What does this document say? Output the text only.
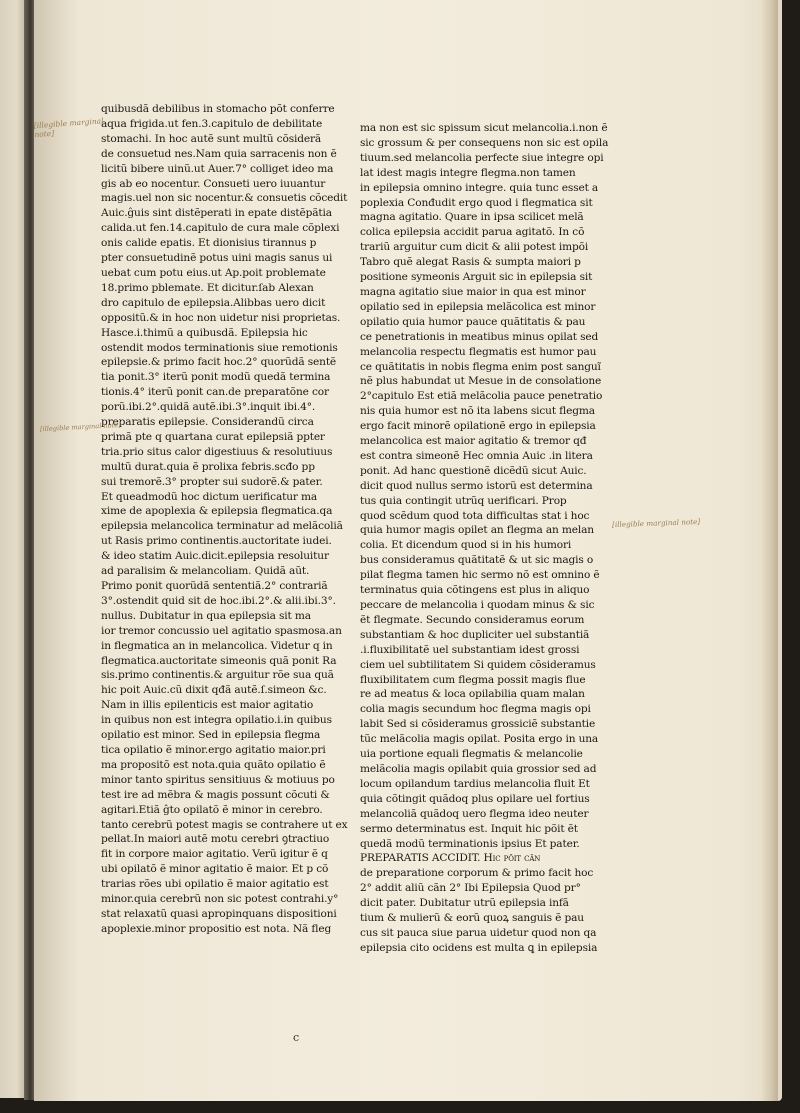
quibusdã debilibus in stomacho põt conferre
aqua frigida.ut fen.3.capitulo de debilitate
stomachi. In hoc autẽ sunt multũ cõsiderã
de consuetud nes.Nam quia sarracenis non ẽ
licitũ bibere uinũ.ut Auer.7° colliget ideo ma
gis ab eo nocentur. Consueti uero iuuantur
magis.uel non sic nocentur.& consuetis cõcedit
Auic.ĝuis sint distẽperati in epate distẽpãtia
calida.ut fen.14.capitulo de cura male cõplexi
onis calide epatis. Et dionisius tirannus p
pter consuetudinẽ potus uini magis sanus ui
uebat cum potu eius.ut Ap.poit problemate
18.primo pblemate. Et dicitur.ſab Alexan
dro capitulo de epilepsia.Alibbas uero dicit
oppositũ.& in hoc non uidetur nisi proprietas.
Hasce.i.thimũ a quibusdã. Epilepsia hic
ostendit modos terminationis siue remotionis
epilepsie.& primo facit hoc.2° quorũdã sentẽ
tia ponit.3° iterũ ponit modũ quedã termina
tionis.4° iterũ ponit can.de preparatõne cor
porũ.ibi.2°.quidã autẽ.ibi.3°.inquit ibi.4°.
preparatis epilepsie. Considerandũ circa
primã pte q quartana curat epilepsiã ppter
tria.prio situs calor digestiuus & resolutiuus
multũ durat.quia ẽ prolixa febris.scđo pp
sui tremorẽ.3° propter sui sudorẽ.& pater.
Et queadmodũ hoc dictum uerificatur ma
xime de apoplexia & epilepsia flegmatica.qa
epilepsia melancolica terminatur ad melãcoliã
ut Rasis primo continentis.auctoritate iudei.
& ideo statim Auic.dicit.epilepsia resoluitur
ad paralisim & melancoliam. Quidã aũt.
Primo ponit quorũdã sententiã.2° contrariã
3°.ostendit quid sit de hoc.ibi.2°.& alii.ibi.3°.
nullus. Dubitatur in qua epilepsia sit ma
ior tremor concussio uel agitatio spasmosa.an
in flegmatica an in melancolica. Videtur q in
flegmatica.auctoritate simeonis quã ponit Ra
sis.primo continentis.& arguitur rõe sua quã
hic poit Auic.cũ dixit qđã autẽ.ſ.simeon &c.
Nam in illis epilenticis est maior agitatio
in quibus non est integra opilatio.i.in quibus
opilatio est minor. Sed in epilepsia flegma
tica opilatio ẽ minor.ergo agitatio maior.pri
ma propositõ est nota.quia quãto opilatio ẽ
minor tanto spiritus sensitiuus & motiuus po
test ire ad mẽbra & magis possunt cõcuti &
agitari.Etiã ĝto opilatõ ẽ minor in cerebro.
tanto cerebrũ potest magis se contrahere ut ex
pellat.In maiori autẽ motu cerebri ꝯtractiuo
fit in corpore maior agitatio. Verũ igitur ẽ q
ubi opilatõ ẽ minor agitatio ẽ maior. Et p cõ
trarias rões ubi opilatio ẽ maior agitatio est
minor.quia cerebrũ non sic potest contrahi.y°
stat relaxatũ quasi apropinquans dispositioni
apoplexie.minor propositio est nota. Nã fleg
ma non est sic spissum sicut melancolia.i.non ẽ
sic grossum & per consequens non sic est opila
tiuum.sed melancolia perfecte siue integre opi
lat idest magis integre flegma.non tamen
in epilepsia omnino integre. quia tunc esset a
poplexia Conđudit ergo quod i flegmatica sit
magna agitatio. Quare in ipsa scilicet melã
colica epilepsia accidit parua agitatõ. In cõ
trariũ arguitur cum dicit & alii potest impõi
Tabro quẽ alegat Rasis & sumpta maiori p
positione symeonis Arguit sic in epilepsia sit
magna agitatio siue maior in qua est minor
opilatio sed in epilepsia melãcolica est minor
opilatio quia humor pauce quãtitatis & pau
ce penetrationis in meatibus minus opilat sed
melancolia respectu flegmatis est humor pau
ce quãtitatis in nobis flegma enim post sanguĩ
nẽ plus habundat ut Mesue in de consolatione
2°capitulo Est etiã melãcolia pauce penetratio
nis quia humor est nõ ita labens sicut flegma
ergo facit minorẽ opilationẽ ergo in epilepsia
melancolica est maior agitatio & tremor qđ
est contra simeonẽ Hec omnia Auic .in litera
ponit. Ad hanc questionẽ dicẽdũ sicut Auic.
dicit quod nullus sermo istorũ est determina
tus quia contingit utrũq uerificari. Prop
quod scẽdum quod tota difficultas stat i hoc
quia humor magis opilet an flegma an melan
colia. Et dicendum quod si in his humori
bus consideramus quãtitatẽ & ut sic magis o
pilat flegma tamen hic sermo nõ est omnino ẽ
terminatus quia cõtingens est plus in aliquo
peccare de melancolia i quodam minus & sic
ẽt flegmate. Secundo consideramus eorum
substantiam & hoc dupliciter uel substantiã
.i.fluxibilitatẽ uel substantiam idest grossi
ciem uel subtilitatem Si quidem cõsideramus
fluxibilitatem cum flegma possit magis flue
re ad meatus & loca opilabilia quam malan
colia magis secundum hoc flegma magis opi
labit Sed si cõsideramus grossiciẽ substantie
tũc melãcolia magis opilat. Posita ergo in una
uia portione equali flegmatis & melancolie
melãcolia magis opilabit quia grossior sed ad
locum opilandum tardius melancolia fluit Et
quia cõtingit quãdoq plus opilare uel fortius
melancoliã quãdoq uero flegma ideo neuter
sermo determinatus est. Inquit hic põit ẽt
quedã modũ terminationis ipsius Et pater.
PREPARATIS ACCIDIT. Hic põit cãn
de preparatione corporum & primo facit hoc
2° addit aliũ cãn 2° Ibi Epilepsia Quod pr°
dicit pater. Dubitatur utrũ epilepsia infã
tium & mulierũ & eorũ quoꝝ sanguis ẽ pau
cus sit pauca siue parua uidetur quod non qa
epilepsia cito ocidens est multa ꝗ in epilepsia
[illegible marginal note]
[illegible marginal note]
[illegible marginal note]
c
